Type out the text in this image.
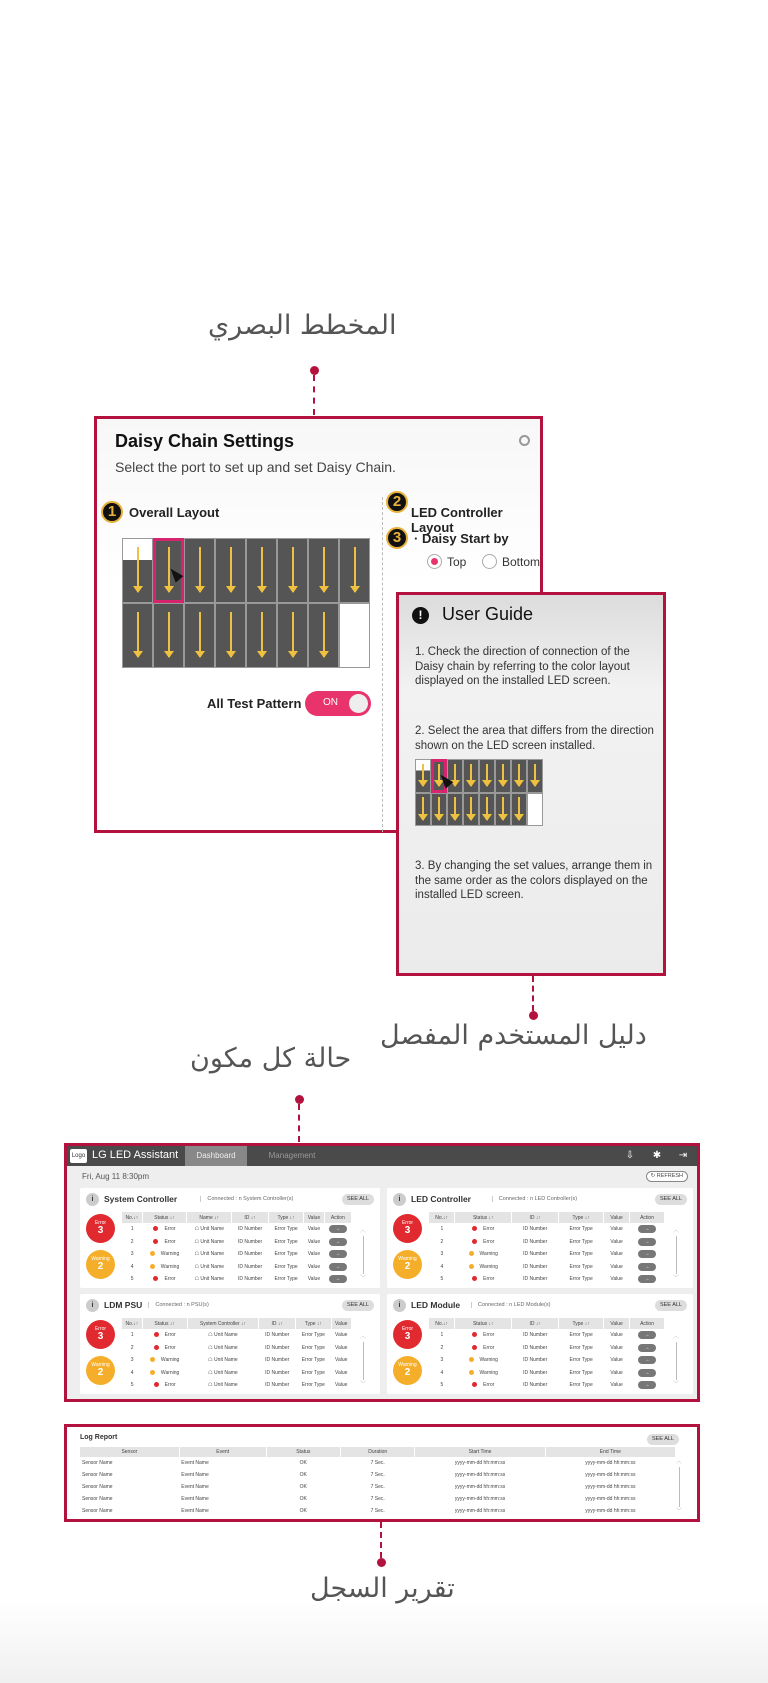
المخطط البصري
Daisy Chain Settings
Select the port to set up and set Daisy Chain.
1 Overall Layout
2
LED Controller Layout
3 · Daisy Start by
Top	Bottom
All Test Pattern ON
!	User Guide
1. Check the direction of connection of the Daisy chain by referring to the color layout displayed on the installed LED screen.
2. Select the area that differs from the direction shown on the LED screen installed.
3. By changing the set values, arrange them in the same order as the colors displayed on the installed LED screen.
دليل المستخدم المفصل
حالة كل مكون
Logo LG LED Assistant	Dashboard	Management	⇩ ✱ ⇥
Fri, Aug 11 8:30pm	↻ REFRESH
i	System Controller	Connected : n System Controller(s)	SEE ALL
Error
3
Warning
2
︿
﹀
No.↓↑	Status ↓↑	Name ↓↑	ID ↓↑	Type ↓↑	Value	Action
1	Error	☖ Unit Name	ID Number	Error Type	Value	→
2	Error	☖ Unit Name	ID Number	Error Type	Value	→
3	Warning	☖ Unit Name	ID Number	Error Type	Value	→
4	Warning	☖ Unit Name	ID Number	Error Type	Value	→
5	Error	☖ Unit Name	ID Number	Error Type	Value	→
i	LED Controller	Connected : n LED Controller(s)	SEE ALL
Error
3
Warning
2
︿
﹀
No.↓↑	Status ↓↑	ID ↓↑	Type ↓↑	Value	Action
1	Error	ID Number	Error Type	Value	→
2	Error	ID Number	Error Type	Value	→
3	Warning	ID Number	Error Type	Value	→
4	Warning	ID Number	Error Type	Value	→
5	Error	ID Number	Error Type	Value	→
i	LDM PSU	Connected : n PSU(s)	SEE ALL
Error
3
Warning
2
︿
﹀
No.↓↑	Status ↓↑	System Controller ↓↑	ID ↓↑	Type ↓↑	Value
1	Error	☖ Unit Name	ID Number	Error Type	Value
2	Error	☖ Unit Name	ID Number	Error Type	Value
3	Warning	☖ Unit Name	ID Number	Error Type	Value
4	Warning	☖ Unit Name	ID Number	Error Type	Value
5	Error	☖ Unit Name	ID Number	Error Type	Value
i	LED Module	Connected : n LED Module(s)	SEE ALL
Error
3
Warning
2
︿
﹀
No.↓↑	Status ↓↑	ID ↓↑	Type ↓↑	Value	Action
1	Error	ID Number	Error Type	Value	→
2	Error	ID Number	Error Type	Value	→
3	Warning	ID Number	Error Type	Value	→
4	Warning	ID Number	Error Type	Value	→
5	Error	ID Number	Error Type	Value	→
Log Report	SEE ALL
Sensor	Event	Status	Duration	Start Time	End Time
Sensor Name	Event Name	OK	7 Sec.	yyyy-mm-dd hh:mm:ss	yyyy-mm-dd hh:mm:ss
Sensor Name	Event Name	OK	7 Sec.	yyyy-mm-dd hh:mm:ss	yyyy-mm-dd hh:mm:ss
Sensor Name	Event Name	OK	7 Sec.	yyyy-mm-dd hh:mm:ss	yyyy-mm-dd hh:mm:ss
Sensor Name	Event Name	OK	7 Sec.	yyyy-mm-dd hh:mm:ss	yyyy-mm-dd hh:mm:ss
Sensor Name	Event Name	OK	7 Sec.	yyyy-mm-dd hh:mm:ss	yyyy-mm-dd hh:mm:ss
︿
﹀
تقرير السجل
